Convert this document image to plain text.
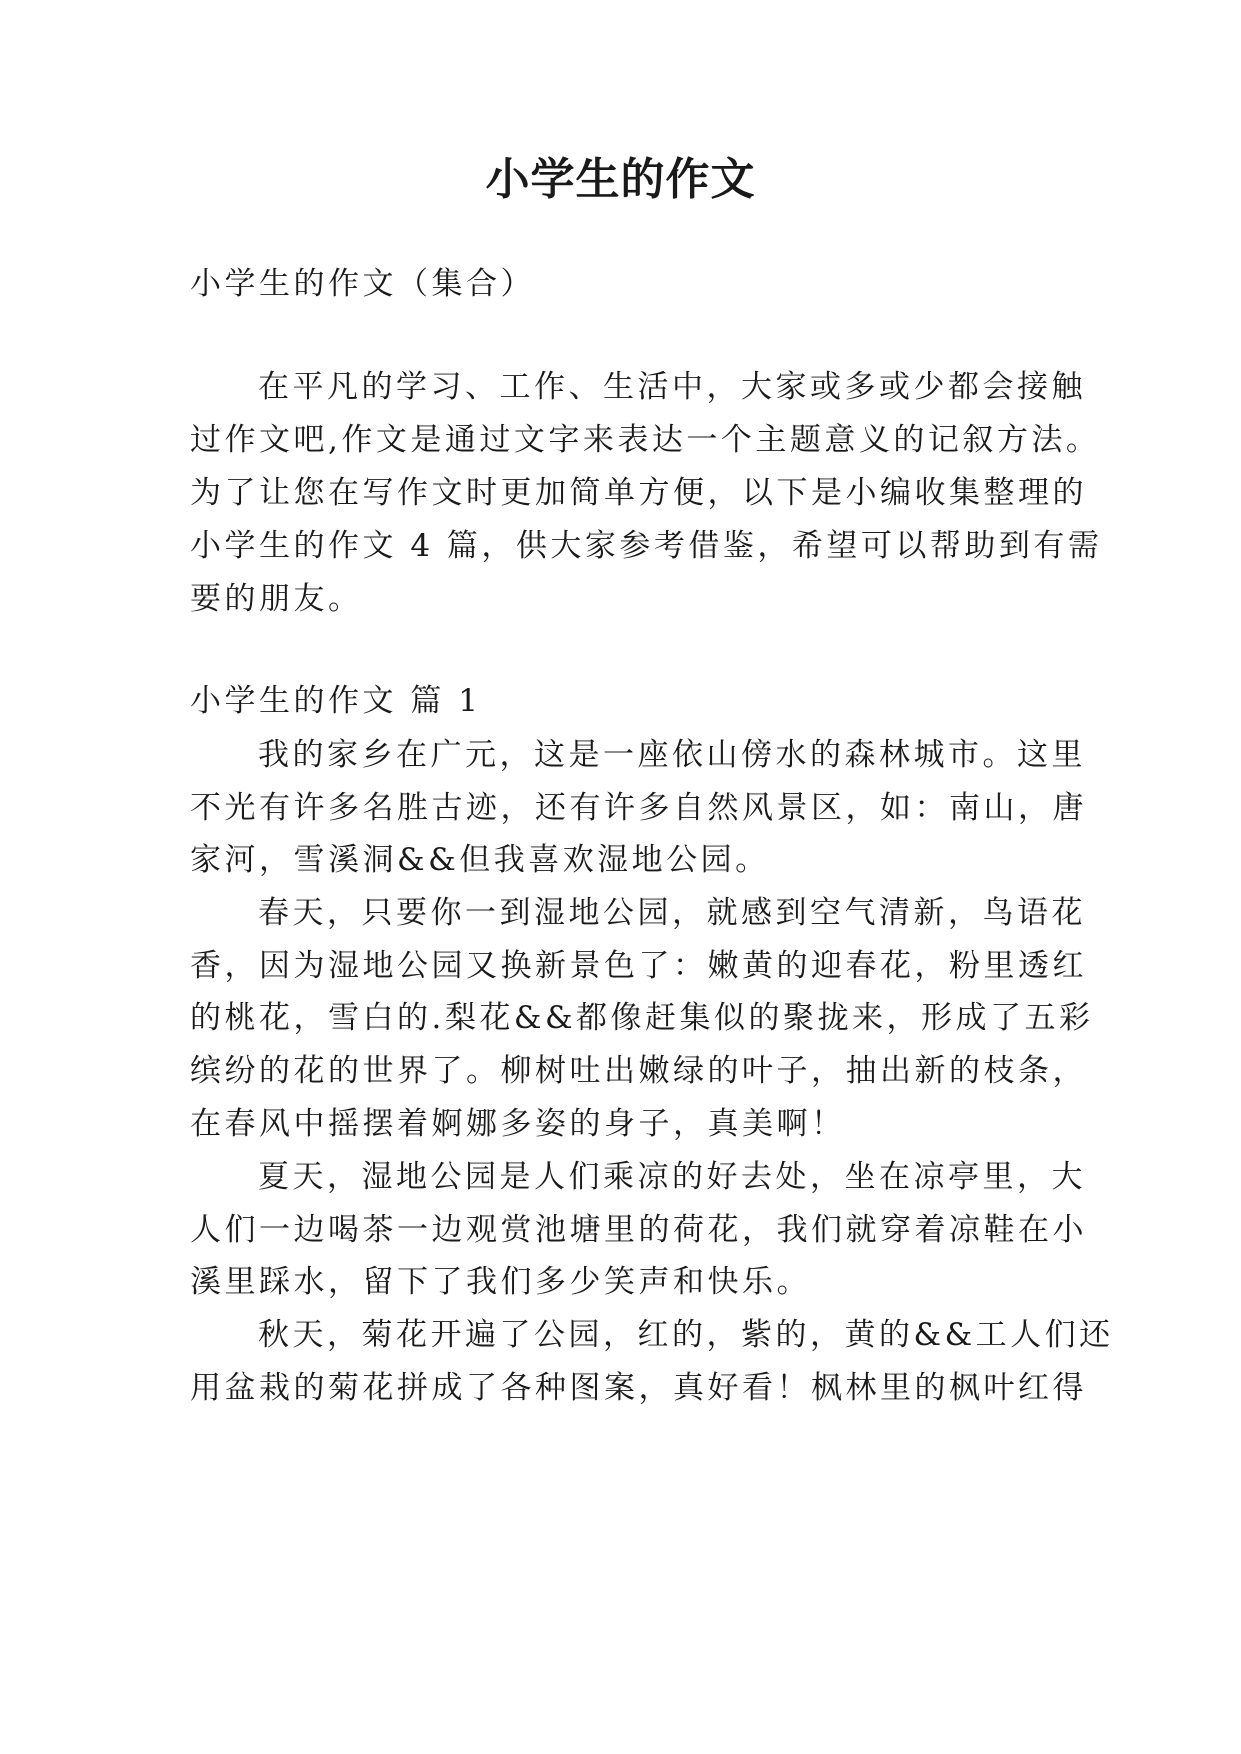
小学生的作文
小学生的作文（集合）
在平凡的学习、工作、生活中，大家或多或少都会接触
过作文吧,作文是通过文字来表达一个主题意义的记叙方法。
为了让您在写作文时更加简单方便，以下是小编收集整理的
小学生的作文 4 篇，供大家参考借鉴，希望可以帮助到有需
要的朋友。
小学生的作文 篇 1
我的家乡在广元，这是一座依山傍水的森林城市。这里
不光有许多名胜古迹，还有许多自然风景区，如：南山，唐
家河，雪溪洞&&但我喜欢湿地公园。
春天，只要你一到湿地公园，就感到空气清新，鸟语花
香，因为湿地公园又换新景色了：嫩黄的迎春花，粉里透红
的桃花，雪白的.梨花&&都像赶集似的聚拢来，形成了五彩
缤纷的花的世界了。柳树吐出嫩绿的叶子，抽出新的枝条，
在春风中摇摆着婀娜多姿的身子，真美啊！
夏天，湿地公园是人们乘凉的好去处，坐在凉亭里，大
人们一边喝茶一边观赏池塘里的荷花，我们就穿着凉鞋在小
溪里踩水，留下了我们多少笑声和快乐。
秋天，菊花开遍了公园，红的，紫的，黄的&&工人们还
用盆栽的菊花拼成了各种图案，真好看！枫林里的枫叶红得
